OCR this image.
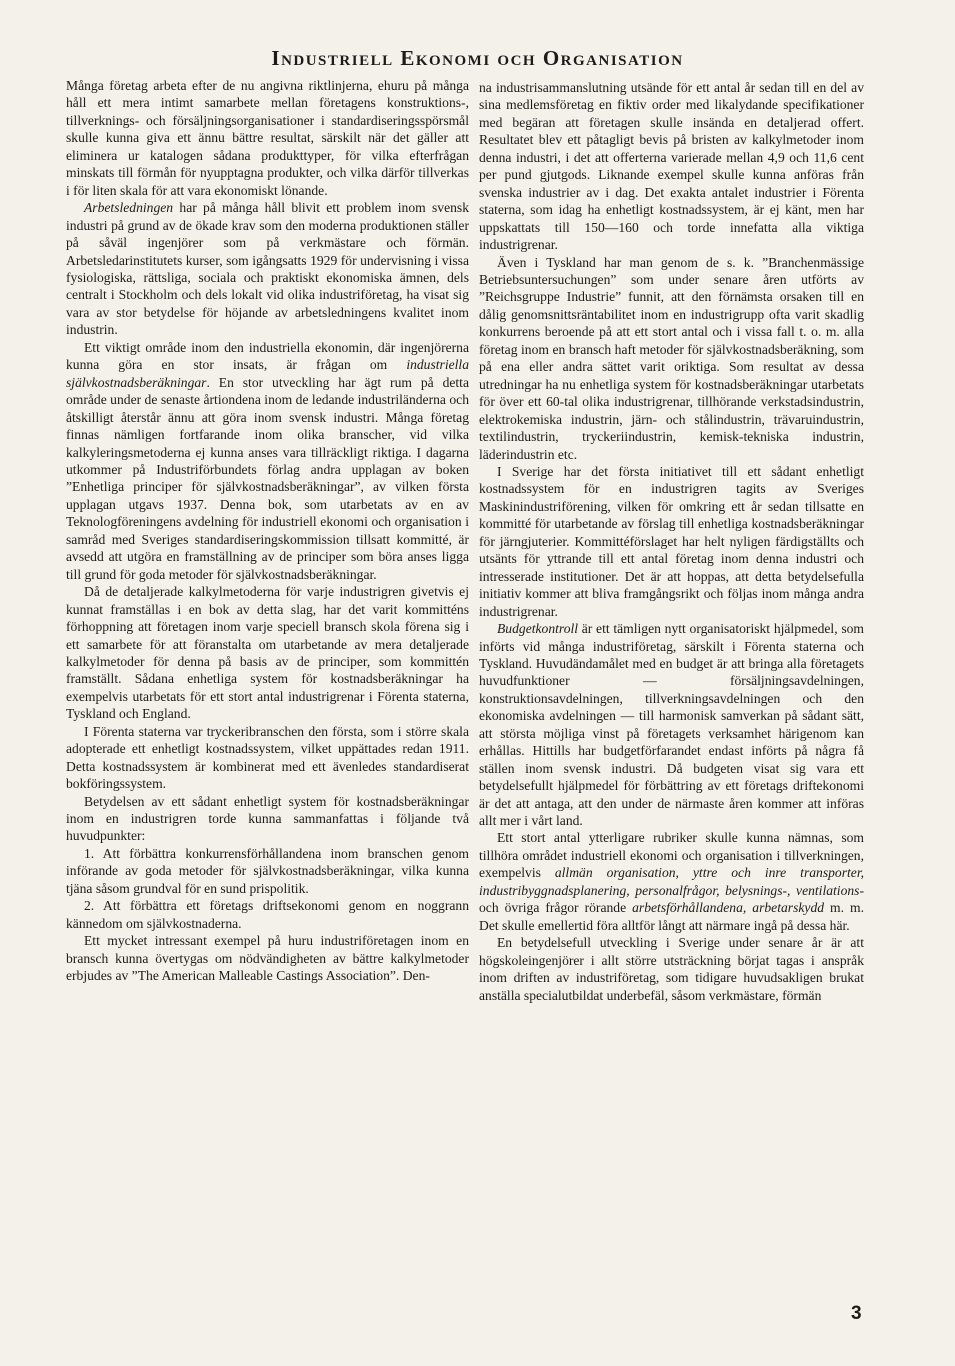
Industriell Ekonomi och Organisation

Många företag arbeta efter de nu angivna riktlinjerna, ehuru på många håll ett mera intimt samarbete mellan företagens konstruktions-, tillverknings- och försäljningsorganisationer i standardiseringsspörsmål skulle kunna giva ett ännu bättre resultat, särskilt när det gäller att eliminera ur katalogen sådana produkttyper, för vilka efterfrågan minskats till förmån för nyupptagna produkter, och vilka därför tillverkas i för liten skala för att vara ekonomiskt lönande.

Arbetsledningen har på många håll blivit ett problem inom svensk industri på grund av de ökade krav som den moderna produktionen ställer på såväl ingenjörer som på verkmästare och förmän. Arbetsledarinstitutets kurser, som igångsatts 1929 för undervisning i vissa fysiologiska, rättsliga, sociala och praktiskt ekonomiska ämnen, dels centralt i Stockholm och dels lokalt vid olika industriföretag, ha visat sig vara av stor betydelse för höjande av arbetsledningens kvalitet inom industrin.

Ett viktigt område inom den industriella ekonomin, där ingenjörerna kunna göra en stor insats, är frågan om industriella självkostnadsberäkningar. En stor utveckling har ägt rum på detta område under de senaste årtiondena inom de ledande industriländerna och åtskilligt återstår ännu att göra inom svensk industri. Många företag finnas nämligen fortfarande inom olika branscher, vid vilka kalkyleringsmetoderna ej kunna anses vara tillräckligt riktiga. I dagarna utkommer på Industriförbundets förlag andra upplagan av boken ”Enhetliga principer för självkostnadsberäkningar”, av vilken första upplagan utgavs 1937. Denna bok, som utarbetats av en av Teknologföreningens avdelning för industriell ekonomi och organisation i samråd med Sveriges standardiseringskommission tillsatt kommitté, är avsedd att utgöra en framställning av de principer som böra anses ligga till grund för goda metoder för självkostnadsberäkningar.

Då de detaljerade kalkylmetoderna för varje industrigren givetvis ej kunnat framställas i en bok av detta slag, har det varit kommitténs förhoppning att företagen inom varje speciell bransch skola förena sig i ett samarbete för att föranstalta om utarbetande av mera detaljerade kalkylmetoder för denna på basis av de principer, som kommittén framställt. Sådana enhetliga system för kostnadsberäkningar ha exempelvis utarbetats för ett stort antal industrigrenar i Förenta staterna, Tyskland och England.

I Förenta staterna var tryckeribranschen den första, som i större skala adopterade ett enhetligt kostnadssystem, vilket uppättades redan 1911. Detta kostnadssystem är kombinerat med ett ävenledes standardiserat bokföringssystem.

Betydelsen av ett sådant enhetligt system för kostnadsberäkningar inom en industrigren torde kunna sammanfattas i följande två huvudpunkter:

1. Att förbättra konkurrensförhållandena inom branschen genom införande av goda metoder för självkostnadsberäkningar, vilka kunna tjäna såsom grundval för en sund prispolitik.

2. Att förbättra ett företags driftsekonomi genom en noggrann kännedom om självkostnaderna.

Ett mycket intressant exempel på huru industriföretagen inom en bransch kunna övertygas om nödvändigheten av bättre kalkylmetoder erbjudes av ”The American Malleable Castings Association”. Den-

na industrisammanslutning utsände för ett antal år sedan till en del av sina medlemsföretag en fiktiv order med likalydande specifikationer med begäran att företagen skulle insända en detaljerad offert. Resultatet blev ett påtagligt bevis på bristen av kalkylmetoder inom denna industri, i det att offerterna varierade mellan 4,9 och 11,6 cent per pund gjutgods. Liknande exempel skulle kunna anföras från svenska industrier av i dag. Det exakta antalet industrier i Förenta staterna, som idag ha enhetligt kostnadssystem, är ej känt, men har uppskattats till 150—160 och torde innefatta alla viktiga industrigrenar.

Även i Tyskland har man genom de s. k. ”Branchenmässige Betriebsuntersuchungen” som under senare åren utförts av ”Reichsgruppe Industrie” funnit, att den förnämsta orsaken till en dålig genomsnittsräntabilitet inom en industrigrupp ofta varit skadlig konkurrens beroende på att ett stort antal och i vissa fall t. o. m. alla företag inom en bransch haft metoder för självkostnadsberäkning, som på ena eller andra sättet varit oriktiga. Som resultat av dessa utredningar ha nu enhetliga system för kostnadsberäkningar utarbetats för över ett 60-tal olika industrigrenar, tillhörande verkstadsindustrin, elektrokemiska industrin, järn- och stålindustrin, trävaruindustrin, textilindustrin, tryckeriindustrin, kemisk-tekniska industrin, läderindustrin etc.

I Sverige har det första initiativet till ett sådant enhetligt kostnadssystem för en industrigren tagits av Sveriges Maskinindustriförening, vilken för omkring ett år sedan tillsatte en kommitté för utarbetande av förslag till enhetliga kostnadsberäkningar för järngjuterier. Kommittéförslaget har helt nyligen färdigställts och utsänts för yttrande till ett antal företag inom denna industri och intresserade institutioner. Det är att hoppas, att detta betydelsefulla initiativ kommer att bliva framgångsrikt och följas inom många andra industrigrenar.

Budgetkontroll är ett tämligen nytt organisatoriskt hjälpmedel, som införts vid många industriföretag, särskilt i Förenta staterna och Tyskland. Huvudändamålet med en budget är att bringa alla företagets huvudfunktioner — försäljningsavdelningen, konstruktionsavdelningen, tillverkningsavdelningen och den ekonomiska avdelningen — till harmonisk samverkan på sådant sätt, att största möjliga vinst på företagets verksamhet härigenom kan erhållas. Hittills har budgetförfarandet endast införts på några få ställen inom svensk industri. Då budgeten visat sig vara ett betydelsefullt hjälpmedel för förbättring av ett företags driftekonomi är det att antaga, att den under de närmaste åren kommer att införas allt mer i vårt land.

Ett stort antal ytterligare rubriker skulle kunna nämnas, som tillhöra området industriell ekonomi och organisation i tillverkningen, exempelvis allmän organisation, yttre och inre transporter, industribyggnadsplanering, personalfrågor, belysnings-, ventilations- och övriga frågor rörande arbetsförhållandena, arbetarskydd m. m. Det skulle emellertid föra alltför långt att närmare ingå på dessa här.

En betydelsefull utveckling i Sverige under senare år är att högskoleingenjörer i allt större utsträckning börjat tagas i anspråk inom driften av industriföretag, som tidigare huvudsakligen brukat anställa specialutbildat underbefäl, såsom verkmästare, förmän

3
